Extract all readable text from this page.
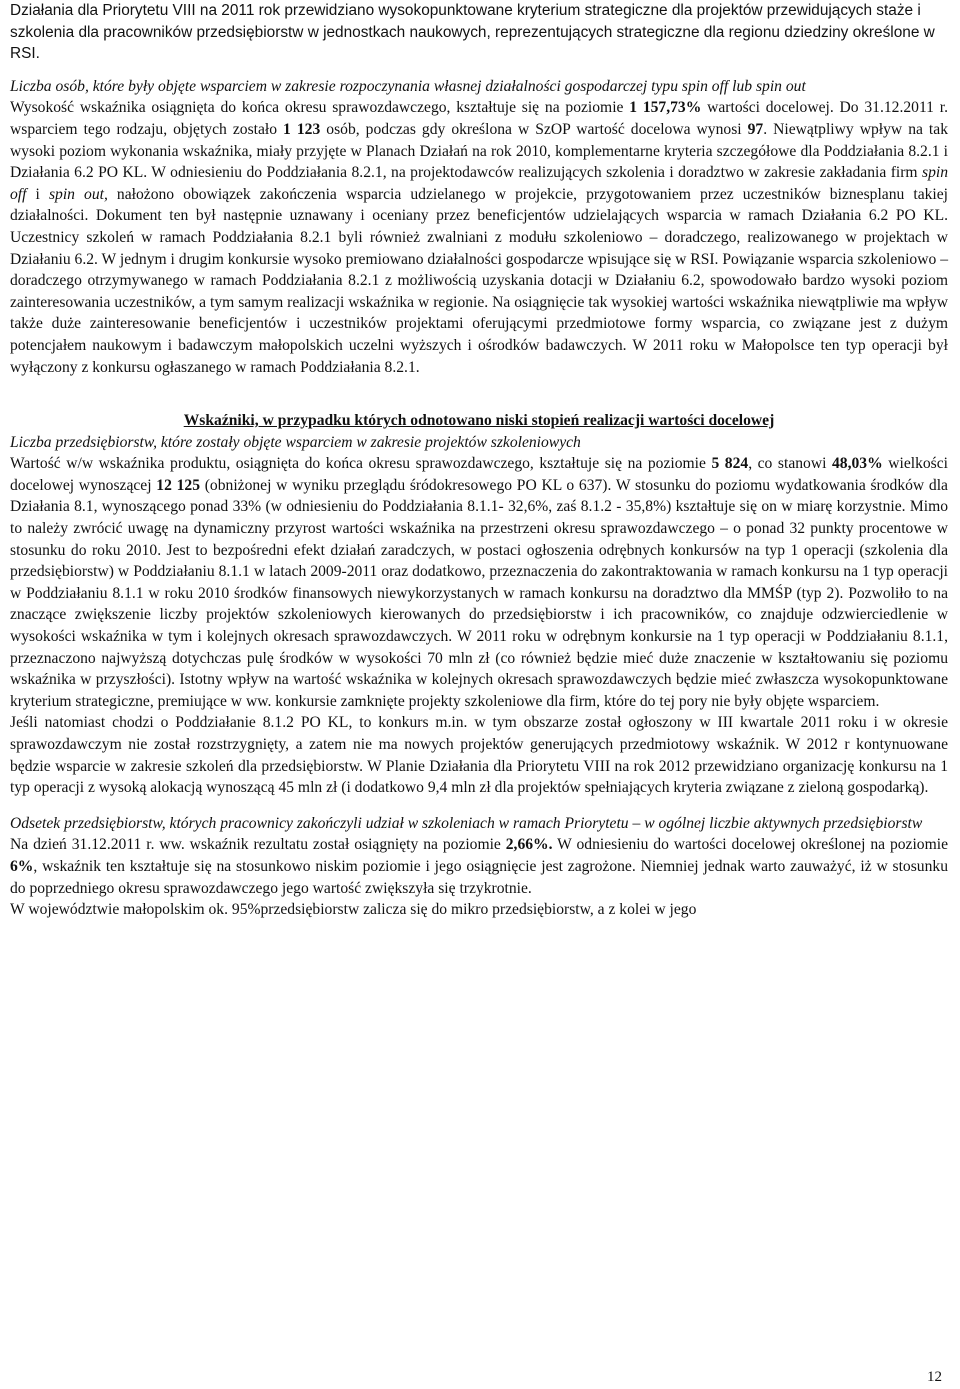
Działania dla Priorytetu VIII na 2011 rok przewidziano wysokopunktowane kryterium strategiczne dla projektów przewidujących staże i szkolenia dla pracowników przedsiębiorstw w jednostkach naukowych, reprezentujących strategiczne dla regionu dziedziny określone w RSI.

Liczba osób, które były objęte wsparciem w zakresie rozpoczynania własnej działalności gospodarczej typu spin off lub spin out

Wysokość wskaźnika osiągnięta do końca okresu sprawozdawczego, kształtuje się na poziomie 1 157,73% wartości docelowej. Do 31.12.2011 r. wsparciem tego rodzaju, objętych zostało 1 123 osób, podczas gdy określona w SzOP wartość docelowa wynosi 97. Niewątpliwy wpływ na tak wysoki poziom wykonania wskaźnika, miały przyjęte w Planach Działań na rok 2010, komplementarne kryteria szczegółowe dla Poddziałania 8.2.1 i Działania 6.2 PO KL. W odniesieniu do Poddziałania 8.2.1, na projektodawców realizujących szkolenia i doradztwo w zakresie zakładania firm spin off i spin out, nałożono obowiązek zakończenia wsparcia udzielanego w projekcie, przygotowaniem przez uczestników biznesplanu takiej działalności. Dokument ten był następnie uznawany i oceniany przez beneficjentów udzielających wsparcia w ramach Działania 6.2 PO KL. Uczestnicy szkoleń w ramach Poddziałania 8.2.1 byli również zwalniani z modułu szkoleniowo – doradczego, realizowanego w projektach w Działaniu 6.2. W jednym i drugim konkursie wysoko premiowano działalności gospodarcze wpisujące się w RSI. Powiązanie wsparcia szkoleniowo – doradczego otrzymywanego w ramach Poddziałania 8.2.1 z możliwością uzyskania dotacji w Działaniu 6.2, spowodowało bardzo wysoki poziom zainteresowania uczestników, a tym samym realizacji wskaźnika w regionie. Na osiągnięcie tak wysokiej wartości wskaźnika niewątpliwie ma wpływ także duże zainteresowanie beneficjentów i uczestników projektami oferującymi przedmiotowe formy wsparcia, co związane jest z dużym potencjałem naukowym i badawczym małopolskich uczelni wyższych i ośrodków badawczych. W 2011 roku w Małopolsce ten typ operacji był wyłączony z konkursu ogłaszanego w ramach Poddziałania 8.2.1.

Wskaźniki, w przypadku których odnotowano niski stopień realizacji wartości docelowej

Liczba przedsiębiorstw, które zostały objęte wsparciem w zakresie projektów szkoleniowych

Wartość w/w wskaźnika produktu, osiągnięta do końca okresu sprawozdawczego, kształtuje się na poziomie 5 824, co stanowi 48,03% wielkości docelowej wynoszącej 12 125 (obniżonej w wyniku przeglądu śródokresowego PO KL o 637). W stosunku do poziomu wydatkowania środków dla Działania 8.1, wynoszącego ponad 33% (w odniesieniu do Poddziałania 8.1.1- 32,6%, zaś 8.1.2 - 35,8%) kształtuje się on w miarę korzystnie. Mimo to należy zwrócić uwagę na dynamiczny przyrost wartości wskaźnika na przestrzeni okresu sprawozdawczego – o ponad 32 punkty procentowe w stosunku do roku 2010. Jest to bezpośredni efekt działań zaradczych, w postaci ogłoszenia odrębnych konkursów na typ 1 operacji (szkolenia dla przedsiębiorstw) w Poddziałaniu 8.1.1 w latach 2009-2011 oraz dodatkowo, przeznaczenia do zakontraktowania w ramach konkursu na 1 typ operacji w Poddziałaniu 8.1.1 w roku 2010 środków finansowych niewykorzystanych w ramach konkursu na doradztwo dla MMŚP (typ 2). Pozwoliło to na znaczące zwiększenie liczby projektów szkoleniowych kierowanych do przedsiębiorstw i ich pracowników, co znajduje odzwierciedlenie w wysokości wskaźnika w tym i kolejnych okresach sprawozdawczych. W 2011 roku w odrębnym konkursie na 1 typ operacji w Poddziałaniu 8.1.1, przeznaczono najwyższą dotychczas pulę środków w wysokości 70 mln zł (co również będzie mieć duże znaczenie w kształtowaniu się poziomu wskaźnika w przyszłości). Istotny wpływ na wartość wskaźnika w kolejnych okresach sprawozdawczych będzie mieć zwłaszcza wysokopunktowane kryterium strategiczne, premiujące w ww. konkursie zamknięte projekty szkoleniowe dla firm, które do tej pory nie były objęte wsparciem.

Jeśli natomiast chodzi o Poddziałanie 8.1.2 PO KL, to konkurs m.in. w tym obszarze został ogłoszony w III kwartale 2011 roku i w okresie sprawozdawczym nie został rozstrzygnięty, a zatem nie ma nowych projektów generujących przedmiotowy wskaźnik. W 2012 r kontynuowane będzie wsparcie w zakresie szkoleń dla przedsiębiorstw. W Planie Działania dla Priorytetu VIII na rok 2012 przewidziano organizację konkursu na 1 typ operacji z wysoką alokacją wynoszącą 45 mln zł (i dodatkowo 9,4 mln zł dla projektów spełniających kryteria związane z zieloną gospodarką).

Odsetek przedsiębiorstw, których pracownicy zakończyli udział w szkoleniach w ramach Priorytetu – w ogólnej liczbie aktywnych przedsiębiorstw

Na dzień 31.12.2011 r. ww. wskaźnik rezultatu został osiągnięty na poziomie 2,66%. W odniesieniu do wartości docelowej określonej na poziomie 6%, wskaźnik ten kształtuje się na stosunkowo niskim poziomie i jego osiągnięcie jest zagrożone. Niemniej jednak warto zauważyć, iż w stosunku do poprzedniego okresu sprawozdawczego jego wartość zwiększyła się trzykrotnie.

W województwie małopolskim ok. 95%przedsiębiorstw zalicza się do mikro przedsiębiorstw, a z kolei w jego

12
